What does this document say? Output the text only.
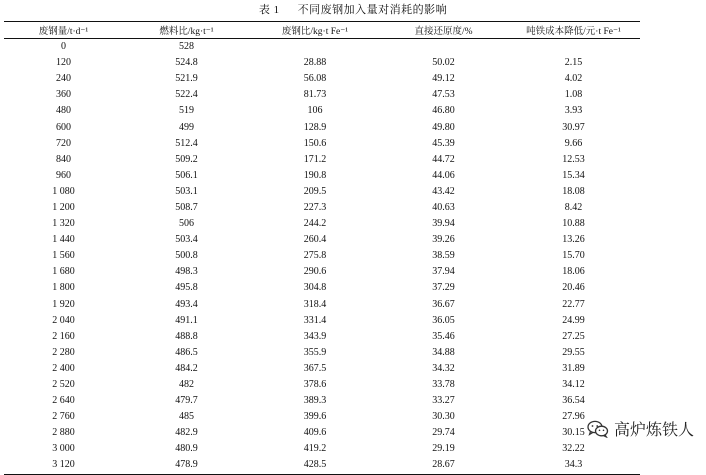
表 1 不同废钢加入量对消耗的影响
废钢量/t·d⁻¹	燃料比/kg·t⁻¹	废钢比/kg·t Fe⁻¹	直接还原度/%	吨铁成本降低/元·t Fe⁻¹
0	528			
120	524.8	28.88	50.02	2.15
240	521.9	56.08	49.12	4.02
360	522.4	81.73	47.53	1.08
480	519	106	46.80	3.93
600	499	128.9	49.80	30.97
720	512.4	150.6	45.39	9.66
840	509.2	171.2	44.72	12.53
960	506.1	190.8	44.06	15.34
1 080	503.1	209.5	43.42	18.08
1 200	508.7	227.3	40.63	8.42
1 320	506	244.2	39.94	10.88
1 440	503.4	260.4	39.26	13.26
1 560	500.8	275.8	38.59	15.70
1 680	498.3	290.6	37.94	18.06
1 800	495.8	304.8	37.29	20.46
1 920	493.4	318.4	36.67	22.77
2 040	491.1	331.4	36.05	24.99
2 160	488.8	343.9	35.46	27.25
2 280	486.5	355.9	34.88	29.55
2 400	484.2	367.5	34.32	31.89
2 520	482	378.6	33.78	34.12
2 640	479.7	389.3	33.27	36.54
2 760	485	399.6	30.30	27.96
2 880	482.9	409.6	29.74	30.15
3 000	480.9	419.2	29.19	32.22
3 120	478.9	428.5	28.67	34.3
高炉炼铁人
